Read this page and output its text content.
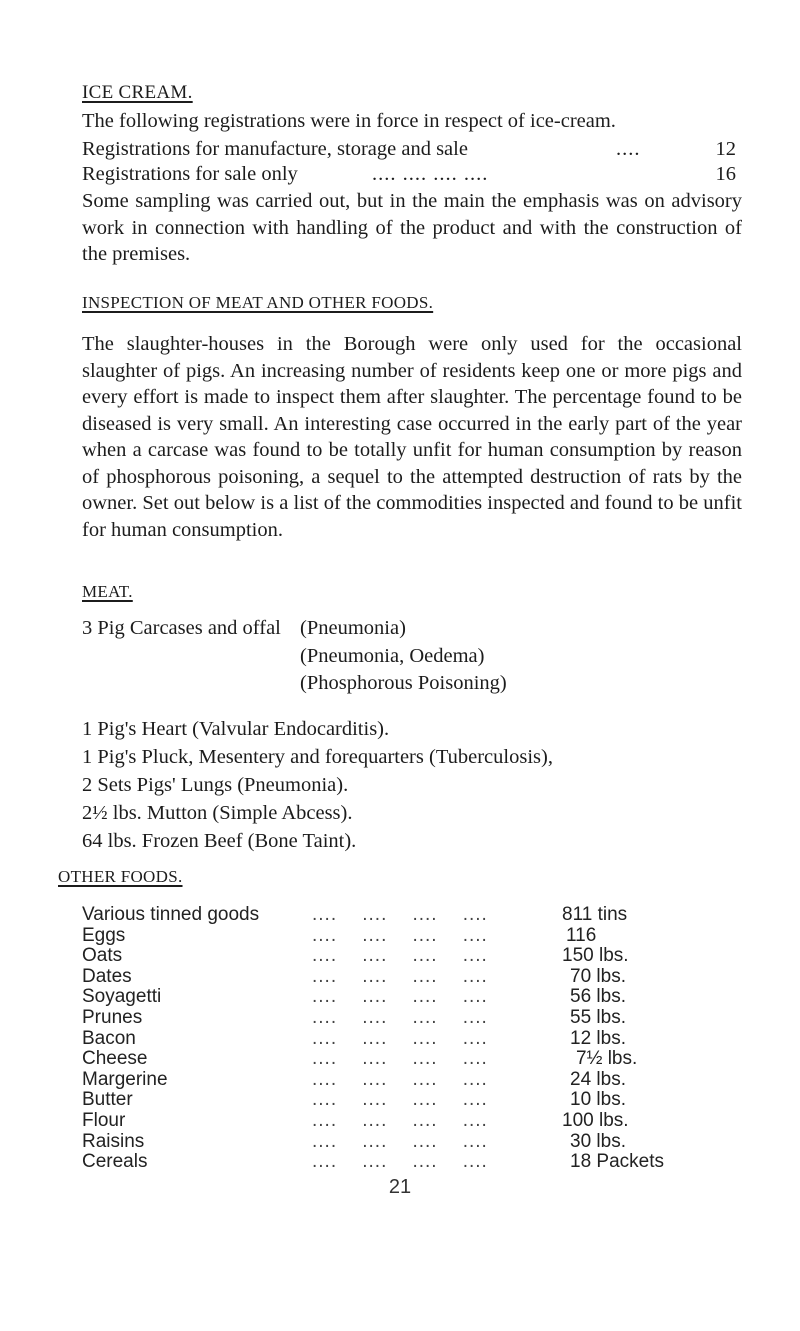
ICE CREAM.

The following registrations were in force in respect of ice-cream.

Registrations for manufacture, storage and sale	....	12
Registrations for sale only	.... .... .... ....	16

Some sampling was carried out, but in the main the emphasis was on advisory work in connection with handling of the product and with the construction of the premises.

INSPECTION OF MEAT AND OTHER FOODS.

The slaughter-houses in the Borough were only used for the occasional slaughter of pigs. An increasing number of residents keep one or more pigs and every effort is made to inspect them after slaughter. The percentage found to be diseased is very small. An interesting case occurred in the early part of the year when a carcase was found to be totally unfit for human consumption by reason of phosphorous poisoning, a sequel to the attempted destruction of rats by the owner. Set out below is a list of the commodities inspected and found to be unfit for human consumption.

MEAT.
3 Pig Carcases and offal (Pneumonia)
(Pneumonia, Oedema)
(Phosphorous Poisoning)
1 Pig's Heart (Valvular Endocarditis).
1 Pig's Pluck, Mesentery and forequarters (Tuberculosis),
2 Sets Pigs' Lungs (Pneumonia).
2½ lbs. Mutton (Simple Abcess).
64 lbs. Frozen Beef (Bone Taint).
OTHER FOODS.
Various tinned goods	811 tins
....    ....    ....    ....
Eggs	116
....    ....    ....    ....
Oats	150 lbs.
....    ....    ....    ....
Dates	70 lbs.
....    ....    ....    ....
Soyagetti	56 lbs.
....    ....    ....    ....
Prunes	55 lbs.
....    ....    ....    ....
Bacon	12 lbs.
....    ....    ....    ....
Cheese	7½ lbs.
....    ....    ....    ....
Margerine	24 lbs.
....    ....    ....    ....
Butter	10 lbs.
....    ....    ....    ....
Flour	100 lbs.
....    ....    ....    ....
Raisins	30 lbs.
....    ....    ....    ....
Cereals	18 Packets
....    ....    ....    ....
21
